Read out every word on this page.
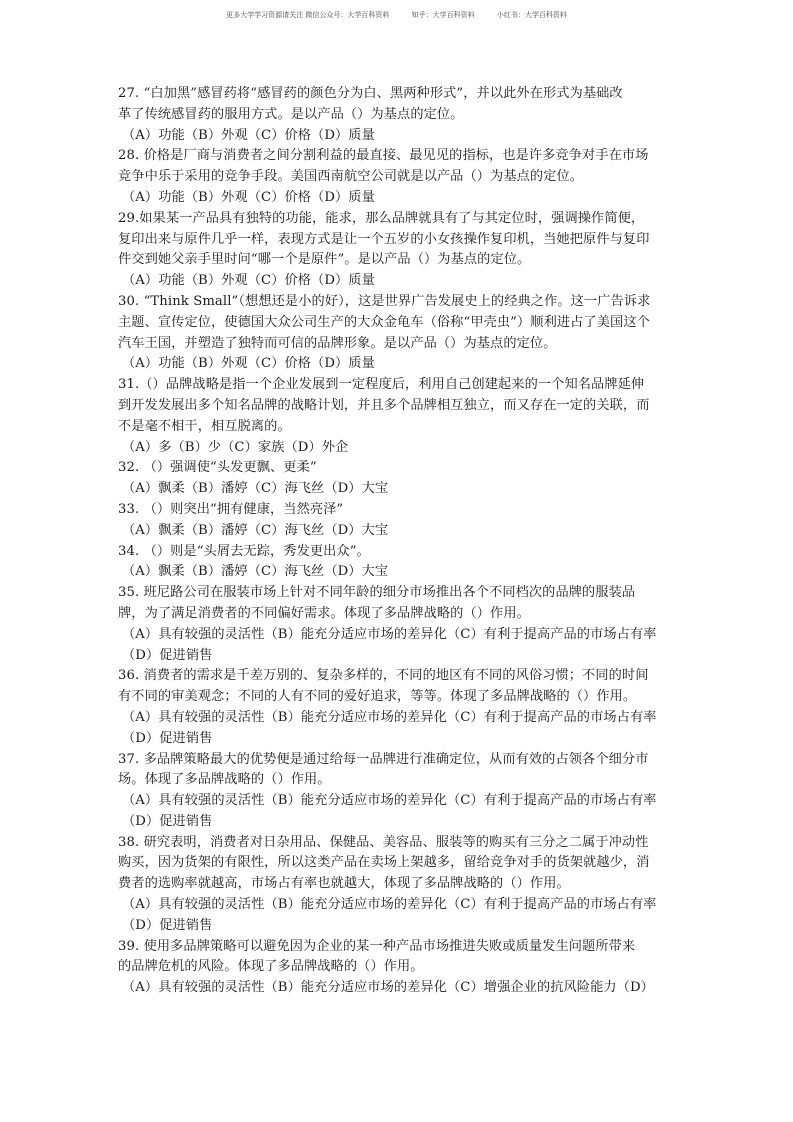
更多大学学习资源请关注 微信公众号：大学百科资料	知乎：大学百科资料	小红书：大学百科资料
27. “白加黑”感冒药将“感冒药的颜色分为白、黑两种形式”，并以此外在形式为基础改
革了传统感冒药的服用方式。是以产品（）为基点的定位。
（A）功能（B）外观（C）价格（D）质量
28. 价格是厂商与消费者之间分割利益的最直接、最见见的指标，也是许多竞争对手在市场
竞争中乐于采用的竞争手段。美国西南航空公司就是以产品（）为基点的定位。
（A）功能（B）外观（C）价格（D）质量
29.如果某一产品具有独特的功能，能求，那么品牌就具有了与其定位时，强调操作简便，
复印出来与原件几乎一样，表现方式是让一个五岁的小女孩操作复印机，当她把原件与复印
件交到她父亲手里时问“哪一个是原件”。是以产品（）为基点的定位。
（A）功能（B）外观（C）价格（D）质量
30. “Think Small”（想想还是小的好），这是世界广告发展史上的经典之作。这一广告诉求
主题、宣传定位，使德国大众公司生产的大众金龟车（俗称“甲壳虫”）顺利进占了美国这个
汽车王国，并塑造了独特而可信的品牌形象。是以产品（）为基点的定位。
（A）功能（B）外观（C）价格（D）质量
31.（）品牌战略是指一个企业发展到一定程度后，利用自己创建起来的一个知名品牌延伸
到开发发展出多个知名品牌的战略计划，并且多个品牌相互独立，而又存在一定的关联，而
不是毫不相干，相互脱离的。
（A）多（B）少（C）家族（D）外企
32. （）强调使“头发更飘、更柔”
（A）飘柔（B）潘婷（C）海飞丝（D）大宝
33. （）则突出“拥有健康，当然亮泽”
（A）飘柔（B）潘婷（C）海飞丝（D）大宝
34. （）则是“头屑去无踪，秀发更出众”。
（A）飘柔（B）潘婷（C）海飞丝（D）大宝
35. 班尼路公司在服装市场上针对不同年龄的细分市场推出各个不同档次的品牌的服装品
牌，为了满足消费者的不同偏好需求。体现了多品牌战略的（）作用。
（A）具有较强的灵活性（B）能充分适应市场的差异化（C）有利于提高产品的市场占有率
（D）促进销售
36. 消费者的需求是千差万别的、复杂多样的，不同的地区有不同的风俗习惯；不同的时间
有不同的审美观念；不同的人有不同的爱好追求，等等。体现了多品牌战略的（）作用。
（A）具有较强的灵活性（B）能充分适应市场的差异化（C）有利于提高产品的市场占有率
（D）促进销售
37. 多品牌策略最大的优势便是通过给每一品牌进行准确定位，从而有效的占领各个细分市
场。体现了多品牌战略的（）作用。
（A）具有较强的灵活性（B）能充分适应市场的差异化（C）有利于提高产品的市场占有率
（D）促进销售
38. 研究表明，消费者对日杂用品、保健品、美容品、服装等的购买有三分之二属于冲动性
购买，因为货架的有限性，所以这类产品在卖场上架越多，留给竞争对手的货架就越少，消
费者的选购率就越高，市场占有率也就越大，体现了多品牌战略的（）作用。
（A）具有较强的灵活性（B）能充分适应市场的差异化（C）有利于提高产品的市场占有率
（D）促进销售
39. 使用多品牌策略可以避免因为企业的某一种产品市场推进失败或质量发生问题所带来
的品牌危机的风险。体现了多品牌战略的（）作用。
（A）具有较强的灵活性（B）能充分适应市场的差异化（C）增强企业的抗风险能力（D）
